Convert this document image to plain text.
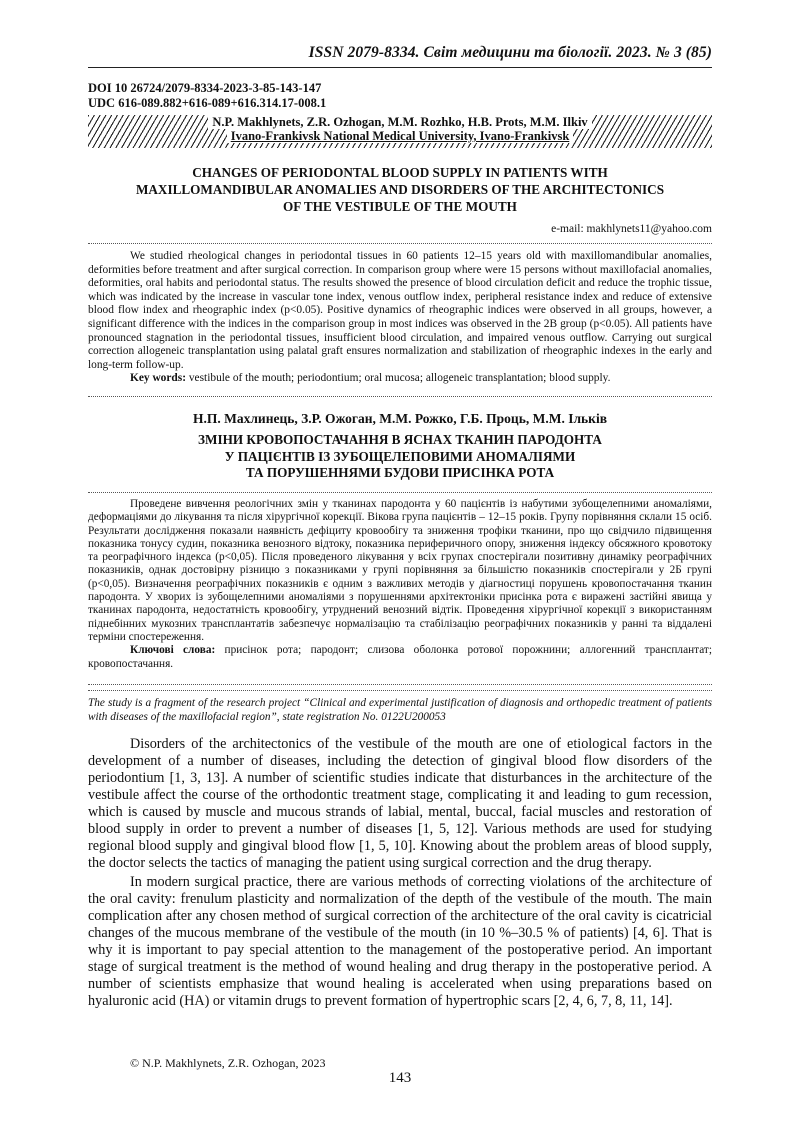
ISSN 2079-8334. Світ медицини та біології. 2023. № 3 (85)
DOI 10 26724/2079-8334-2023-3-85-143-147
UDC 616-089.882+616-089+616.314.17-008.1
N.P. Makhlynets, Z.R. Ozhogan, M.M. Rozhko, H.B. Prots, M.M. Ilkiv
Ivano-Frankivsk National Medical University, Ivano-Frankivsk
CHANGES OF PERIODONTAL BLOOD SUPPLY IN PATIENTS WITH
MAXILLOMANDIBULAR ANOMALIES AND DISORDERS OF THE ARCHITECTONICS
OF THE VESTIBULE OF THE MOUTH
e-mail: makhlynets11@yahoo.com

We studied rheological changes in periodontal tissues in 60 patients 12–15 years old with maxillomandibular anomalies, deformities before treatment and after surgical correction. In comparison group where were 15 persons without maxillofacial anomalies, deformities, oral habits and periodontal status. The results showed the presence of blood circulation deficit and reduce the trophic tissue, which was indicated by the increase in vascular tone index, venous outflow index, peripheral resistance index and reduce of extensive blood flow index and rheographic index (p<0.05). Positive dynamics of rheographic indices were observed in all groups, however, a significant difference with the indices in the comparison group in most indices was observed in the 2B group (p<0.05). All patients have pronounced stagnation in the periodontal tissues, insufficient blood circulation, and impaired venous outflow. Carrying out surgical correction allogeneic transplantation using palatal graft ensures normalization and stabilization of rheographic indexes in the early and long-term follow-up.

Key words: vestibule of the mouth; periodontium; oral mucosa; allogeneic transplantation; blood supply.

Н.П. Махлинець, З.Р. Ожоган, М.М. Рожко, Г.Б. Проць, М.М. Ільків
ЗМІНИ КРОВОПОСТАЧАННЯ В ЯСНАХ ТКАНИН ПАРОДОНТА
У ПАЦІЄНТІВ ІЗ ЗУБОЩЕЛЕПОВИМИ АНОМАЛІЯМИ
ТА ПОРУШЕННЯМИ БУДОВИ ПРИСІНКА РОТА

Проведене вивчення реологічних змін у тканинах пародонта у 60 пацієнтів із набутими зубощелепними аномаліями, деформаціями до лікування та після хірургічної корекції. Вікова група пацієнтів – 12–15 років. Групу порівняння склали 15 осіб. Результати дослідження показали наявність дефіциту кровообігу та зниження трофіки тканини, про що свідчило підвищення показника тонусу судин, показника венозного відтоку, показника периферичного опору, зниження індексу обсяжного кровотоку та реографічного індекса (p<0,05). Після проведеного лікування у всіх групах спостерігали позитивну динаміку реографічних показників, однак достовірну різницю з показниками у групі порівняння за більшістю показників спостерігали у 2Б групі (p<0,05). Визначення реографічних показників є одним з важливих методів у діагностиці порушень кровопостачання тканин пародонта. У хворих із зубощелепними аномаліями з порушеннями архітектоніки присінка рота є виражені застійні явища у тканинах пародонта, недостатність кровообігу, утруднений венозний відтік. Проведення хірургічної корекції з використанням піднебінних мукозних трансплантатів забезпечує нормалізацію та стабілізацію реографічних показників у ранні та віддалені терміни спостереження.

Ключові слова: присінок рота; пародонт; слизова оболонка ротової порожнини; аллогенний трансплантат; кровопостачання.

The study is a fragment of the research project “Clinical and experimental justification of diagnosis and orthopedic treatment of patients with diseases of the maxillofacial region”, state registration No. 0122U200053

Disorders of the architectonics of the vestibule of the mouth are one of etiological factors in the development of a number of diseases, including the detection of gingival blood flow disorders of the periodontium [1, 3, 13]. A number of scientific studies indicate that disturbances in the architecture of the vestibule affect the course of the orthodontic treatment stage, complicating it and leading to gum recession, which is caused by muscle and mucous strands of labial, mental, buccal, facial muscles and restoration of blood supply in order to prevent a number of diseases [1, 5, 12]. Various methods are used for studying regional blood supply and gingival blood flow [1, 5, 10]. Knowing about the problem areas of blood supply, the doctor selects the tactics of managing the patient using surgical correction and the drug therapy.

In modern surgical practice, there are various methods of correcting violations of the architecture of the oral cavity: frenulum plasticity and normalization of the depth of the vestibule of the mouth. The main complication after any chosen method of surgical correction of the architecture of the oral cavity is cicatricial changes of the mucous membrane of the vestibule of the mouth (in 10 %–30.5 % of patients) [4, 6]. That is why it is important to pay special attention to the management of the postoperative period. An important stage of surgical treatment is the method of wound healing and drug therapy in the postoperative period. A number of scientists emphasize that wound healing is accelerated when using preparations based on hyaluronic acid (HA) or vitamin drugs to prevent formation of hypertrophic scars [2, 4, 6, 7, 8, 11, 14].

© N.P. Makhlynets, Z.R. Ozhogan, 2023
143
